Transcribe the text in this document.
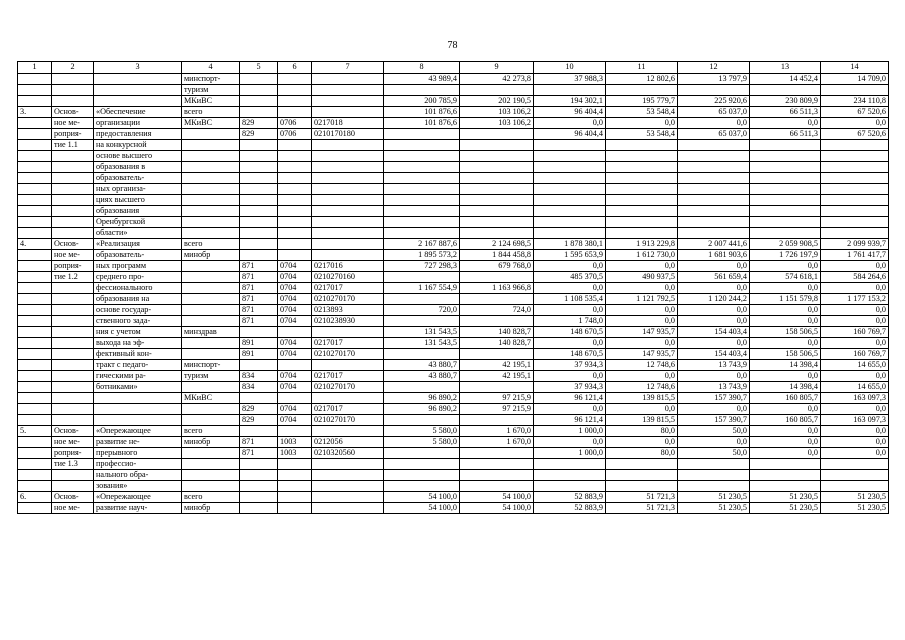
78
1	2	3	4	5	6	7	8	9	10	11	12	13	14
			минспорт-				43 989,4	42 273,8	37 988,3	12 802,6	13 797,9	14 452,4	14 709,0
			туризм										
			МКиВС				200 785,9	202 190,5	194 302,1	195 779,7	225 920,6	230 809,9	234 110,8
3.	Основ-	«Обеспечение	всего				101 876,6	103 106,2	96 404,4	53 548,4	65 037,0	66 511,3	67 520,6
	ное ме-	организации	МКиВС	829	0706	0217018	101 876,6	103 106,2	0,0	0,0	0,0	0,0	0,0
	роприя-	предоставления		829	0706	0210170180			96 404,4	53 548,4	65 037,0	66 511,3	67 520,6
	тие 1.1	на конкурсной											
		основе высшего											
		образования в											
		образователь-											
		ных организа-											
		циях высшего											
		образования											
		Оренбургской											
		области»											
4.	Основ-	«Реализация	всего				2 167 887,6	2 124 698,5	1 878 380,1	1 913 229,8	2 007 441,6	2 059 908,5	2 099 939,7
	ное ме-	образователь-	минобр				1 895 573,2	1 844 458,8	1 595 653,9	1 612 730,0	1 681 903,6	1 726 197,9	1 761 417,7
	роприя-	ных программ		871	0704	0217016	727 298,3	679 768,0	0,0	0,0	0,0	0,0	0,0
	тие 1.2	среднего про-		871	0704	0210270160			485 370,5	490 937,5	561 659,4	574 618,1	584 264,6
		фессионального		871	0704	0217017	1 167 554,9	1 163 966,8	0,0	0,0	0,0	0,0	0,0
		образования на		871	0704	0210270170			1 108 535,4	1 121 792,5	1 120 244,2	1 151 579,8	1 177 153,2
		основе государ-		871	0704	0213893	720,0	724,0	0,0	0,0	0,0	0,0	0,0
		ственного зада-		871	0704	0210238930			1 748,0	0,0	0,0	0,0	0,0
		ния с учетом	минздрав				131 543,5	140 828,7	148 670,5	147 935,7	154 403,4	158 506,5	160 769,7
		выхода на эф-		891	0704	0217017	131 543,5	140 828,7	0,0	0,0	0,0	0,0	0,0
		фективный кон-		891	0704	0210270170			148 670,5	147 935,7	154 403,4	158 506,5	160 769,7
		тракт с педаго-	минспорт-				43 880,7	42 195,1	37 934,3	12 748,6	13 743,9	14 398,4	14 655,0
		гическими ра-	туризм	834	0704	0217017	43 880,7	42 195,1	0,0	0,0	0,0	0,0	0,0
		ботниками»		834	0704	0210270170			37 934,3	12 748,6	13 743,9	14 398,4	14 655,0
			МКиВС				96 890,2	97 215,9	96 121,4	139 815,5	157 390,7	160 805,7	163 097,3
				829	0704	0217017	96 890,2	97 215,9	0,0	0,0	0,0	0,0	0,0
				829	0704	0210270170			96 121,4	139 815,5	157 390,7	160 805,7	163 097,3
5.	Основ-	«Опережающее	всего				5 580,0	1 670,0	1 000,0	80,0	50,0	0,0	0,0
	ное ме-	развитие не-	минобр	871	1003	0212056	5 580,0	1 670,0	0,0	0,0	0,0	0,0	0,0
	роприя-	прерывного		871	1003	0210320560			1 000,0	80,0	50,0	0,0	0,0
	тие 1.3	профессио-											
		нального обра-											
		зования»											
6.	Основ-	«Опережающее	всего				54 100,0	54 100,0	52 883,9	51 721,3	51 230,5	51 230,5	51 230,5
	ное ме-	развитие науч-	минобр				54 100,0	54 100,0	52 883,9	51 721,3	51 230,5	51 230,5	51 230,5
